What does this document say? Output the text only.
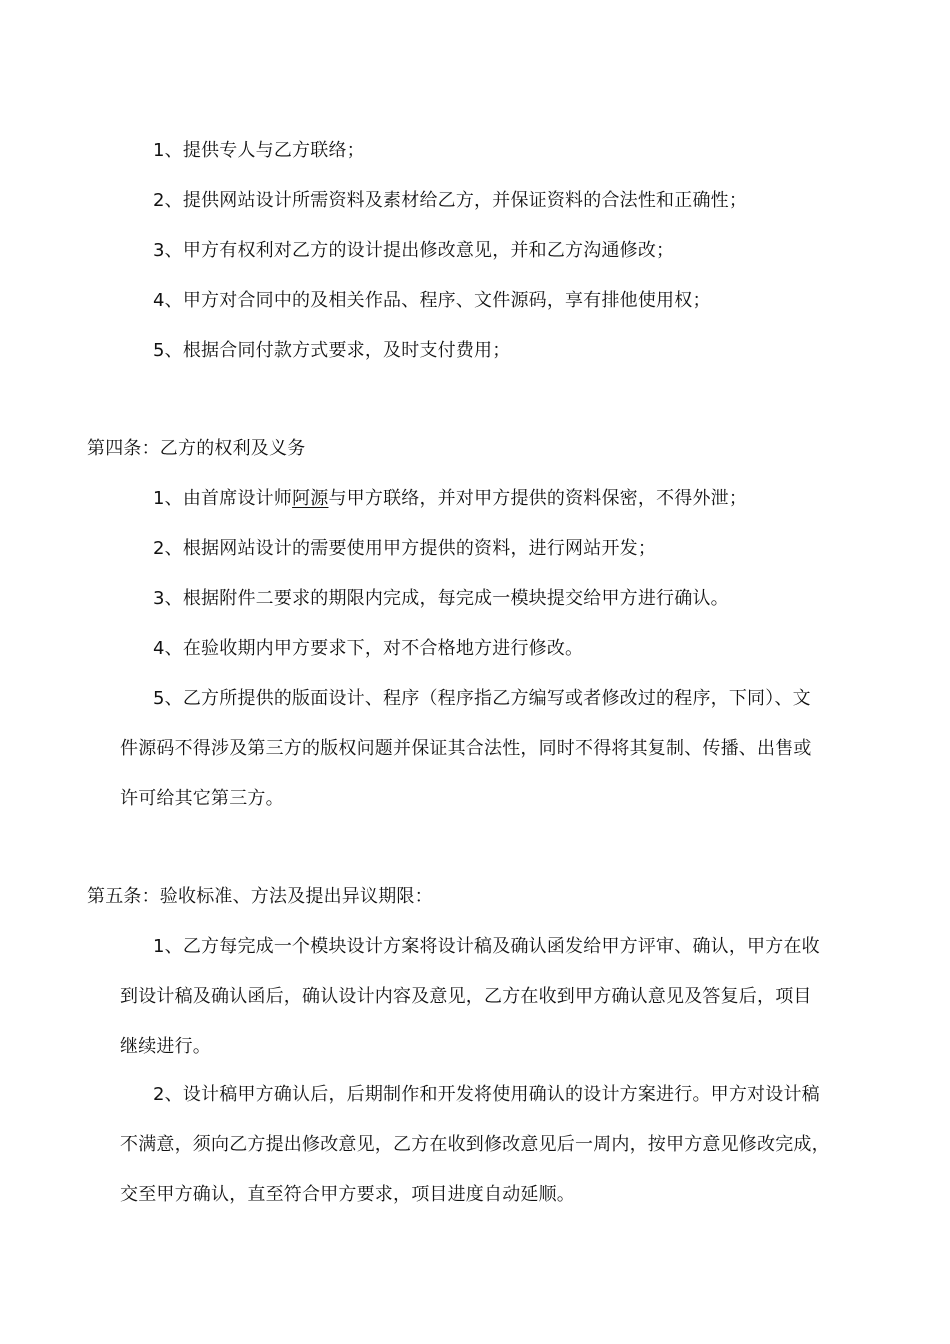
1、提供专人与乙方联络；
2、提供网站设计所需资料及素材给乙方，并保证资料的合法性和正确性；
3、甲方有权利对乙方的设计提出修改意见，并和乙方沟通修改；
4、甲方对合同中的及相关作品、程序、文件源码，享有排他使用权；
5、根据合同付款方式要求，及时支付费用；
第四条：乙方的权利及义务
1、由首席设计师阿源与甲方联络，并对甲方提供的资料保密，不得外泄；
2、根据网站设计的需要使用甲方提供的资料，进行网站开发；
3、根据附件二要求的期限内完成，每完成一模块提交给甲方进行确认。
4、在验收期内甲方要求下，对不合格地方进行修改。
5、乙方所提供的版面设计、程序（程序指乙方编写或者修改过的程序，下同）、文
件源码不得涉及第三方的版权问题并保证其合法性，同时不得将其复制、传播、出售或
许可给其它第三方。
第五条：验收标准、方法及提出异议期限：
1、乙方每完成一个模块设计方案将设计稿及确认函发给甲方评审、确认，甲方在收
到设计稿及确认函后，确认设计内容及意见，乙方在收到甲方确认意见及答复后，项目
继续进行。
2、设计稿甲方确认后，后期制作和开发将使用确认的设计方案进行。甲方对设计稿
不满意，须向乙方提出修改意见，乙方在收到修改意见后一周内，按甲方意见修改完成，
交至甲方确认，直至符合甲方要求，项目进度自动延顺。
